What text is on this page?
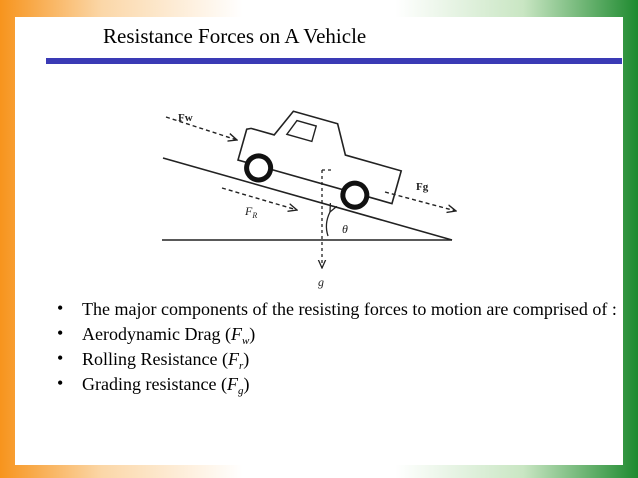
Resistance Forces on A Vehicle
Fw
$F_R$
Fg
g
θ
• The major components of the resisting forces to motion are comprised of :
• Aerodynamic Drag $(F_w)$
• Rolling Resistance $(F_r)$
• Grading resistance $(F_g)$
